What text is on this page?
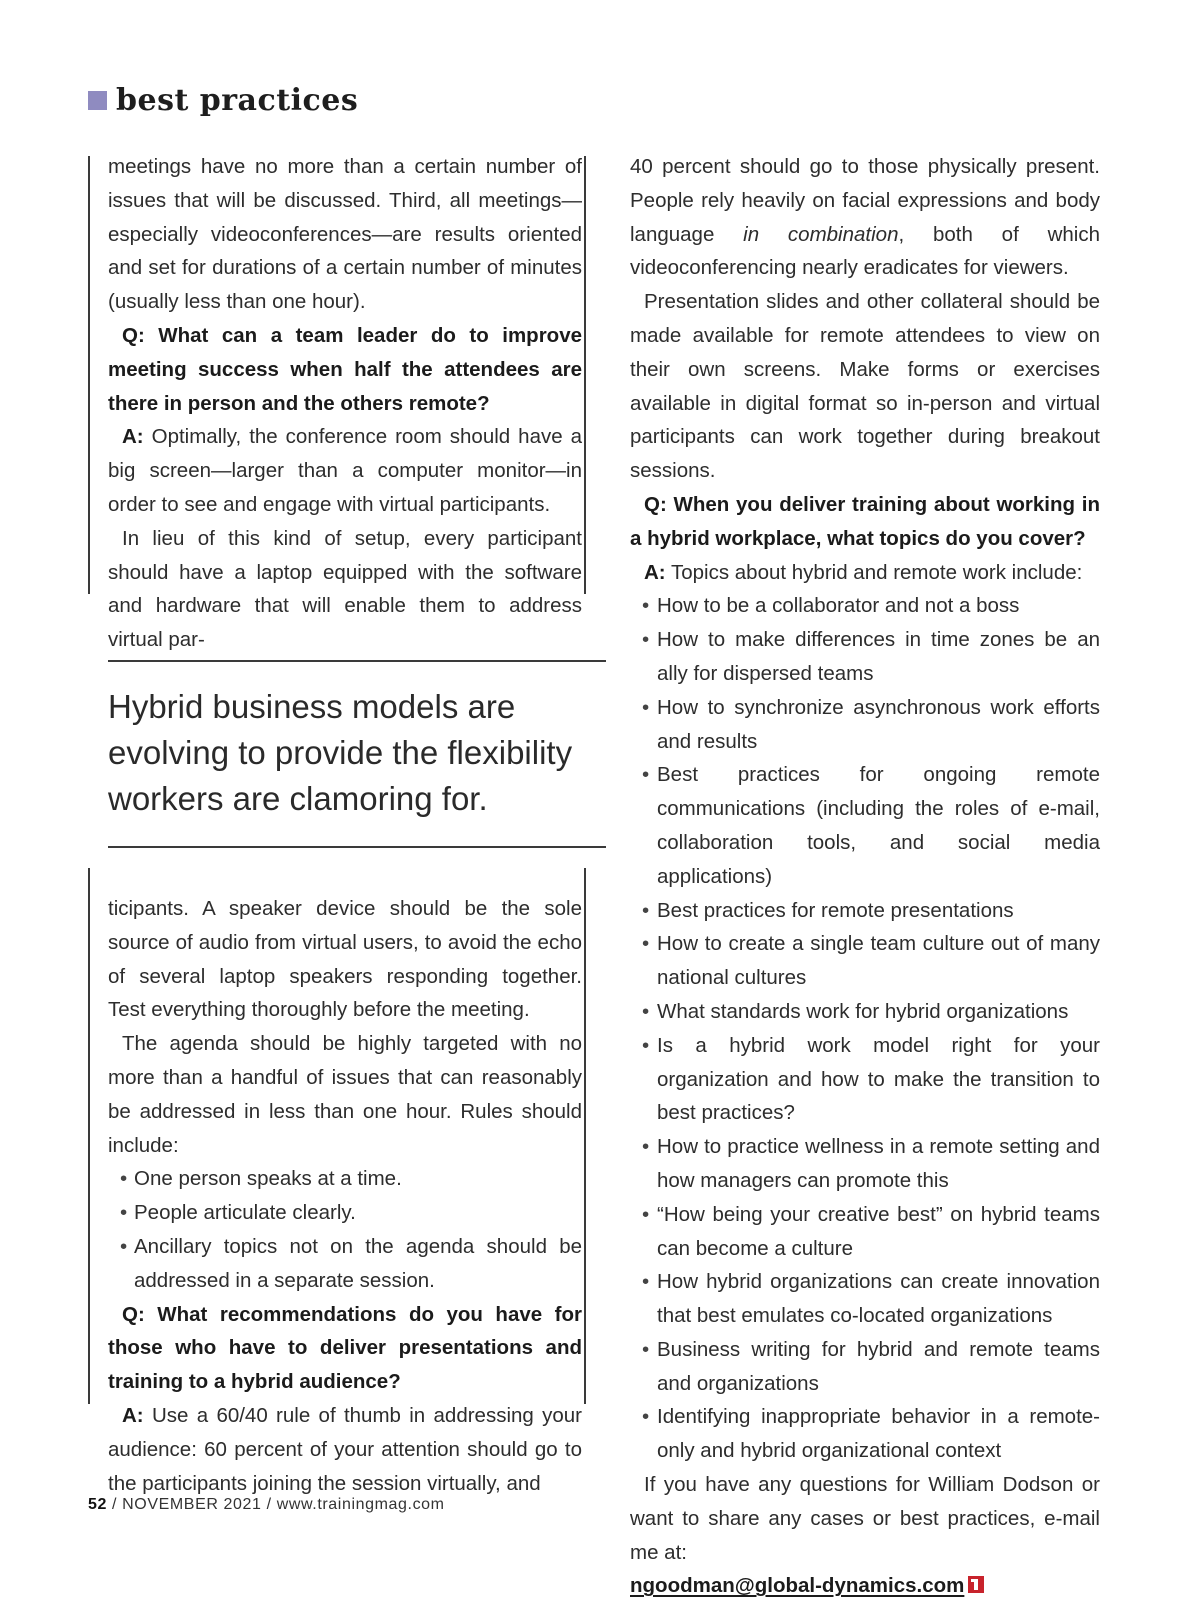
best practices

meetings have no more than a certain number of issues that will be discussed. Third, all meetings—especially videoconferences—are results oriented and set for durations of a certain number of minutes (usually less than one hour).

Q: What can a team leader do to improve meeting success when half the attendees are there in person and the others remote?

A: Optimally, the conference room should have a big screen—larger than a computer monitor—in order to see and engage with virtual participants.

In lieu of this kind of setup, every participant should have a laptop equipped with the software and hardware that will enable them to address virtual par-

Hybrid business models are evolving to provide the flexibility workers are clamoring for.

ticipants. A speaker device should be the sole source of audio from virtual users, to avoid the echo of several laptop speakers responding together. Test everything thoroughly before the meeting.

The agenda should be highly targeted with no more than a handful of issues that can reasonably be addressed in less than one hour. Rules should include:

• One person speaks at a time.
• People articulate clearly.
• Ancillary topics not on the agenda should be addressed in a separate session.

Q: What recommendations do you have for those who have to deliver presentations and training to a hybrid audience?

A: Use a 60/40 rule of thumb in addressing your audience: 60 percent of your attention should go to the participants joining the session virtually, and

40 percent should go to those physically present. People rely heavily on facial expressions and body language in combination, both of which videoconferencing nearly eradicates for viewers.

Presentation slides and other collateral should be made available for remote attendees to view on their own screens. Make forms or exercises available in digital format so in-person and virtual participants can work together during breakout sessions.

Q: When you deliver training about working in a hybrid workplace, what topics do you cover?

A: Topics about hybrid and remote work include:

• How to be a collaborator and not a boss
• How to make differences in time zones be an ally for dispersed teams
• How to synchronize asynchronous work efforts and results
• Best practices for ongoing remote communications (including the roles of e-mail, collaboration tools, and social media applications)
• Best practices for remote presentations
• How to create a single team culture out of many national cultures
• What standards work for hybrid organizations
• Is a hybrid work model right for your organization and how to make the transition to best practices?
• How to practice wellness in a remote setting and how managers can promote this
• “How being your creative best” on hybrid teams can become a culture
• How hybrid organizations can create innovation that best emulates co-located organizations
• Business writing for hybrid and remote teams and organizations
• Identifying inappropriate behavior in a remote-only and hybrid organizational context

If you have any questions for William Dodson or want to share any cases or best practices, e-mail me at:

ngoodman@global-dynamics.com

52 / NOVEMBER 2021 / www.trainingmag.com
